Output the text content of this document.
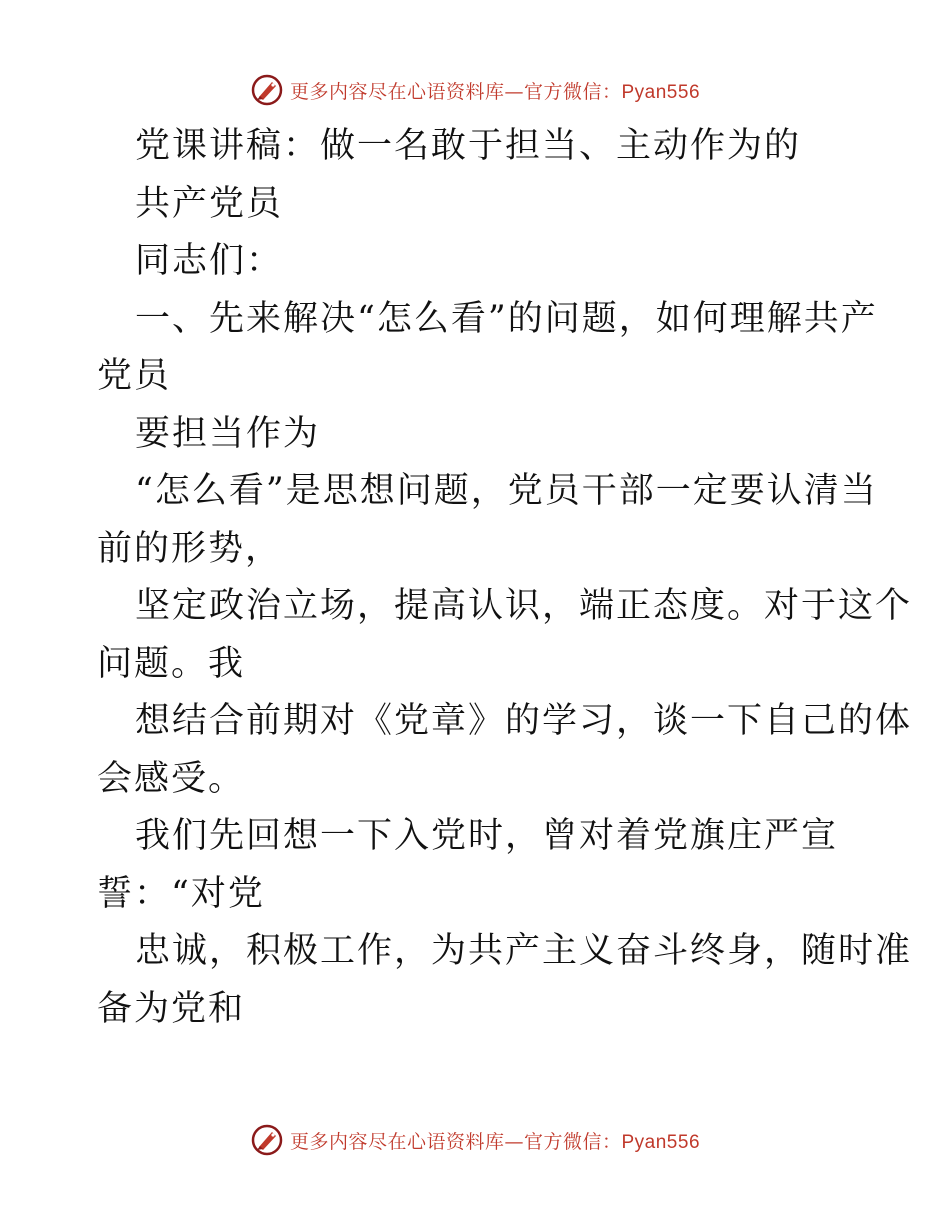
更多内容尽在心语资料库—官方微信：Pyan556
党课讲稿：做一名敢于担当、主动作为的
共产党员
同志们：
一、先来解决“怎么看”的问题，如何理解共产
党员
要担当作为
“怎么看”是思想问题，党员干部一定要认清当
前的形势，
坚定政治立场，提高认识，端正态度。对于这个
问题。我
想结合前期对《党章》的学习，谈一下自己的体
会感受。
我们先回想一下入党时，曾对着党旗庄严宣
誓：“对党
忠诚，积极工作，为共产主义奋斗终身，随时准
备为党和
更多内容尽在心语资料库—官方微信：Pyan556
